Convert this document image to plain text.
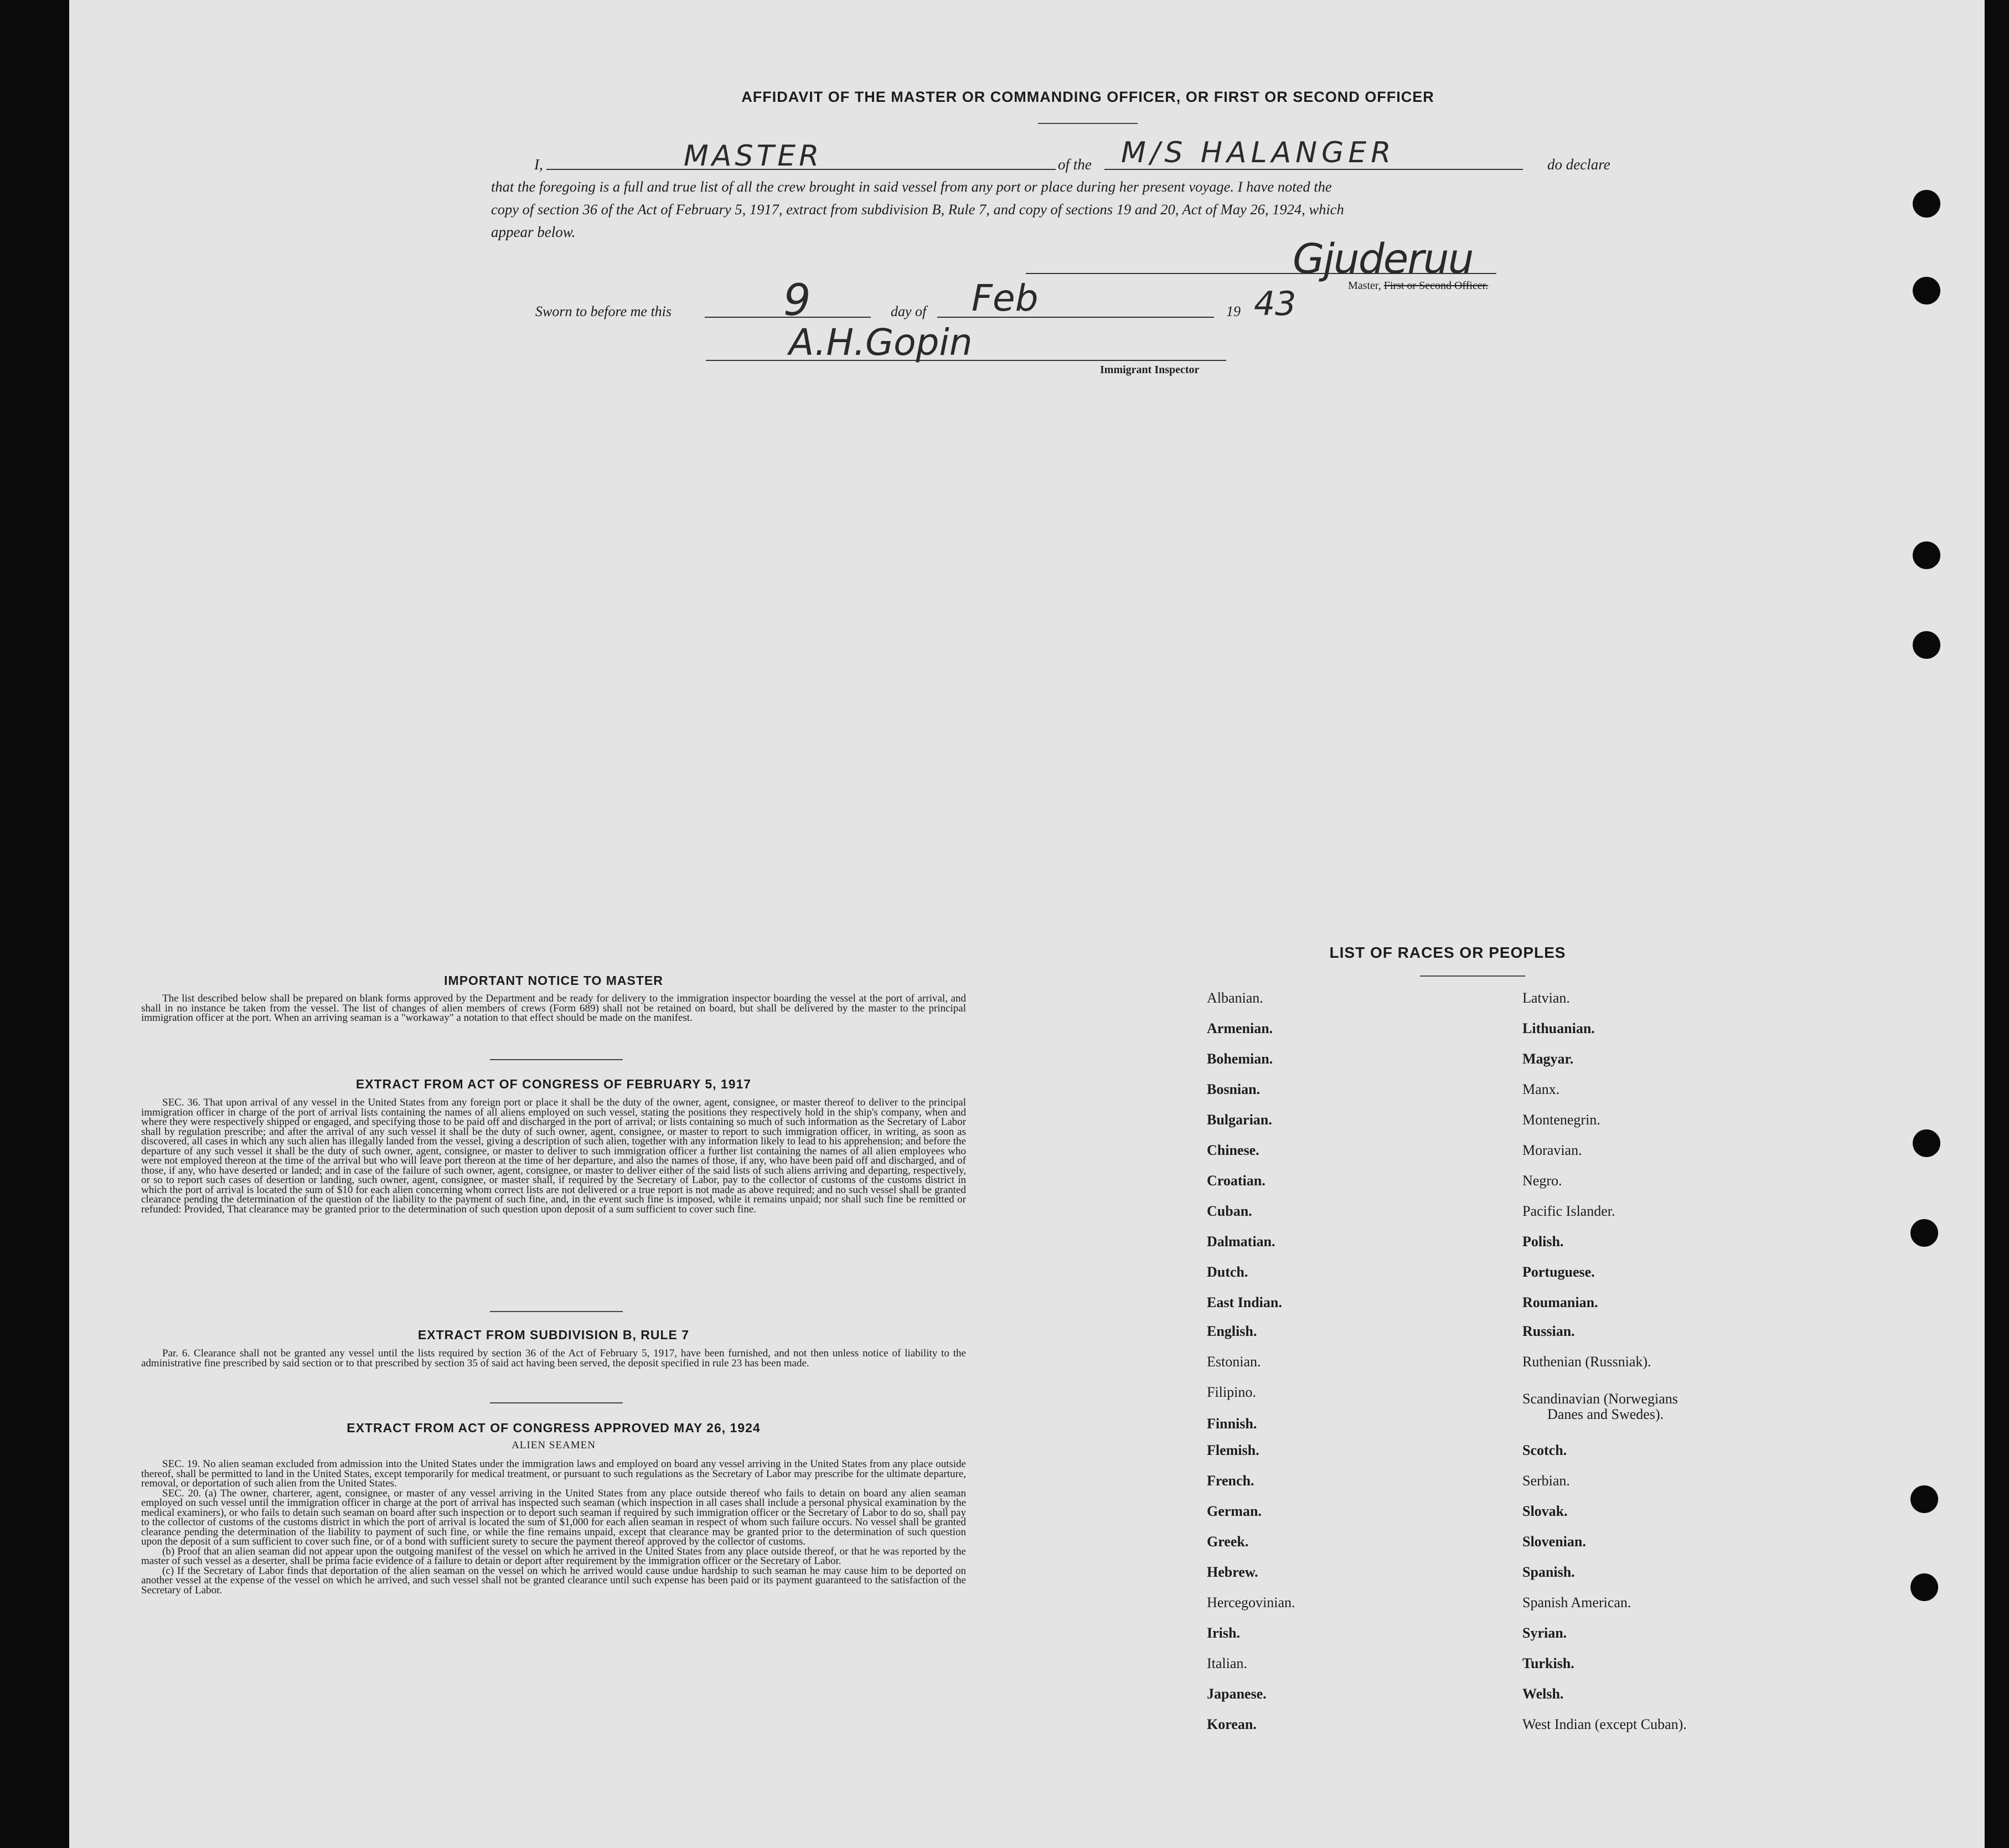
AFFIDAVIT OF THE MASTER OR COMMANDING OFFICER, OR FIRST OR SECOND OFFICER
I,	MASTER	of the M/S HALANGER	do declare
that the foregoing is a full and true list of all the crew brought in said vessel from any port or place during her present voyage. I have noted the
copy of section 36 of the Act of February 5, 1917, extract from subdivision B, Rule 7, and copy of sections 19 and 20, Act of May 26, 1924, which
appear below.
Gjuderuu
Master, First or Second Officer.
Sworn to before me this	9	day of Feb	19 43
A.H.Gopin
Immigrant Inspector
IMPORTANT NOTICE TO MASTER

The list described below shall be prepared on blank forms approved by the Department and be ready for delivery to the immigration inspector boarding the vessel at the port of arrival, and shall in no instance be taken from the vessel. The list of changes of alien members of crews (Form 689) shall not be retained on board, but shall be delivered by the master to the principal immigration officer at the port. When an arriving seaman is a "workaway" a notation to that effect should be made on the manifest.

EXTRACT FROM ACT OF CONGRESS OF FEBRUARY 5, 1917

SEC. 36. That upon arrival of any vessel in the United States from any foreign port or place it shall be the duty of the owner, agent, consignee, or master thereof to deliver to the principal immigration officer in charge of the port of arrival lists containing the names of all aliens employed on such vessel, stating the positions they respectively hold in the ship's company, when and where they were respectively shipped or engaged, and specifying those to be paid off and discharged in the port of arrival; or lists containing so much of such information as the Secretary of Labor shall by regulation prescribe; and after the arrival of any such vessel it shall be the duty of such owner, agent, consignee, or master to report to such immigration officer, in writing, as soon as discovered, all cases in which any such alien has illegally landed from the vessel, giving a description of such alien, together with any information likely to lead to his apprehension; and before the departure of any such vessel it shall be the duty of such owner, agent, consignee, or master to deliver to such immigration officer a further list containing the names of all alien employees who were not employed thereon at the time of the arrival but who will leave port thereon at the time of her departure, and also the names of those, if any, who have been paid off and discharged, and of those, if any, who have deserted or landed; and in case of the failure of such owner, agent, consignee, or master to deliver either of the said lists of such aliens arriving and departing, respectively, or so to report such cases of desertion or landing, such owner, agent, consignee, or master shall, if required by the Secretary of Labor, pay to the collector of customs of the customs district in which the port of arrival is located the sum of $10 for each alien concerning whom correct lists are not delivered or a true report is not made as above required; and no such vessel shall be granted clearance pending the determination of the question of the liability to the payment of such fine, and, in the event such fine is imposed, while it remains unpaid; nor shall such fine be remitted or refunded: Provided, That clearance may be granted prior to the determination of such question upon deposit of a sum sufficient to cover such fine.

EXTRACT FROM SUBDIVISION B, RULE 7

Par. 6. Clearance shall not be granted any vessel until the lists required by section 36 of the Act of February 5, 1917, have been furnished, and not then unless notice of liability to the administrative fine prescribed by said section or to that prescribed by section 35 of said act having been served, the deposit specified in rule 23 has been made.

EXTRACT FROM ACT OF CONGRESS APPROVED MAY 26, 1924
ALIEN SEAMEN

SEC. 19. No alien seaman excluded from admission into the United States under the immigration laws and employed on board any vessel arriving in the United States from any place outside thereof, shall be permitted to land in the United States, except temporarily for medical treatment, or pursuant to such regulations as the Secretary of Labor may prescribe for the ultimate departure, removal, or deportation of such alien from the United States.

SEC. 20. (a) The owner, charterer, agent, consignee, or master of any vessel arriving in the United States from any place outside thereof who fails to detain on board any alien seaman employed on such vessel until the immigration officer in charge at the port of arrival has inspected such seaman (which inspection in all cases shall include a personal physical examination by the medical examiners), or who fails to detain such seaman on board after such inspection or to deport such seaman if required by such immigration officer or the Secretary of Labor to do so, shall pay to the collector of customs of the customs district in which the port of arrival is located the sum of $1,000 for each alien seaman in respect of whom such failure occurs. No vessel shall be granted clearance pending the determination of the liability to payment of such fine, or while the fine remains unpaid, except that clearance may be granted prior to the determination of such question upon the deposit of a sum sufficient to cover such fine, or of a bond with sufficient surety to secure the payment thereof approved by the collector of customs.

(b) Proof that an alien seaman did not appear upon the outgoing manifest of the vessel on which he arrived in the United States from any place outside thereof, or that he was reported by the master of such vessel as a deserter, shall be prima facie evidence of a failure to detain or deport after requirement by the immigration officer or the Secretary of Labor.

(c) If the Secretary of Labor finds that deportation of the alien seaman on the vessel on which he arrived would cause undue hardship to such seaman he may cause him to be deported on another vessel at the expense of the vessel on which he arrived, and such vessel shall not be granted clearance until such expense has been paid or its payment guaranteed to the satisfaction of the Secretary of Labor.

LIST OF RACES OR PEOPLES
Albanian.
Armenian.
Bohemian.
Bosnian.
Bulgarian.
Chinese.
Croatian.
Cuban.
Dalmatian.
Dutch.
East Indian.
English.
Estonian.
Filipino.
Finnish.
Flemish.
French.
German.
Greek.
Hebrew.
Hercegovinian.
Irish.
Italian.
Japanese.
Korean.
Latvian.
Lithuanian.
Magyar.
Manx.
Montenegrin.
Moravian.
Negro.
Pacific Islander.
Polish.
Portuguese.
Roumanian.
Russian.
Ruthenian (Russniak).
Scandinavian (Norwegians
Danes and Swedes).
Scotch.
Serbian.
Slovak.
Slovenian.
Spanish.
Spanish American.
Syrian.
Turkish.
Welsh.
West Indian (except Cuban).
